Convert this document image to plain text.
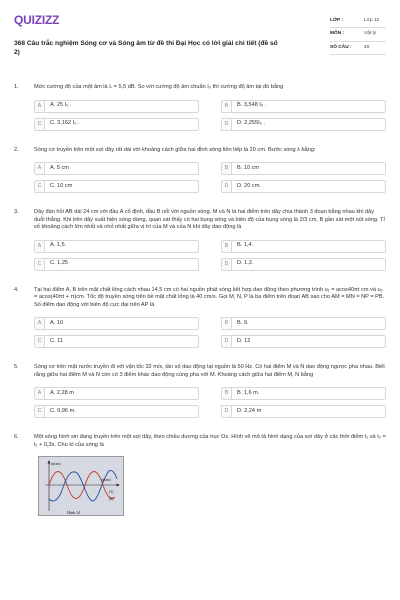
QUIZIZZ
368 Câu trắc nghiệm Sóng cơ và Sóng âm từ đề thi Đại Học có lời giải chi tiết (đề số 2)
LỚP :	Lớp 12
MÔN :	Vật lý
SỐ CÂU :	40
1.	Mức cường độ của một âm là L = 5,5 dB. So với cường độ âm chuẩn I₀ thì cường độ âm tại đó bằng
A	A. 25 I₀ .	B	B. 3,548 I₀ .
C	C. 3,162 I₀ .	D	D. 2,255I₀ .
2.	Sóng cơ truyền trên một sợi dây rất dài với khoảng cách giữa hai đỉnh sóng liền tiếp là 20 cm. Bước sóng λ bằng:
A	A. 5 cm	B	B. 10 cm
C	C. 10 cm	D	D. 20 cm.
3.	Dây đàn hồi AB dài 24 cm với đầu A cố định, đầu B nối với nguồn sóng. M và N là hai điểm trên dây chia thành 3 đoạn bằng nhau khi dây duỗi thẳng. Khi trên dây xuất hiện sóng dừng, quan sát thấy có hai bụng sóng và biên độ của bụng sóng là 2/3 cm, B gần sát một nút sóng. Tỉ số khoảng cách lớn nhất và nhỏ nhất giữa vị trí của M và của N khi dây dao động là
A	A. 1,5.	B	B. 1,4.
C	C. 1,25	D	D. 1,2.
4.	Tại hai điểm A, B trên mặt chất lỏng cách nhau 14,5 cm có hai nguồn phát sóng kết hợp dao động theo phương trình u₁ = acos40πt cm và u₂ = acos(40πt + π)cm. Tốc độ truyền sóng trên bề mặt chất lỏng là 40 cm/s. Gọi M, N, P là ba điểm trên đoạn AB sao cho AM = MN = NP = PB. Số điểm dao động với biên độ cực đại trên AP là
A	A. 10	B	B. 9.
C	C. 11	D	D. 12
5.	Sóng cơ trên mặt nước truyền đi với vận tốc 32 m/s, tần số dao động tại nguồn là 50 Hz. Có hai điểm M và N dao động ngược pha nhau. Biết rằng giữa hai điểm M và N còn có 3 điểm khác dao động cùng pha với M. Khoảng cách giữa hai điểm M, N bằng
A	A. 2,28 m	B	B. 1,6 m.
C	C. 0,96 m.	D	D. 2,24 m
6.	Một sóng hình sin đang truyền trên một sợi dây, theo chiều dương của trục Ox. Hình vẽ mô tả hình dạng của sợi dây ở các thời điểm t₁ và t₂ = t₁ + 0,3s. Chu kì của sóng là
u(cm)
x(cm)
(1)
(2)
Hình 14
